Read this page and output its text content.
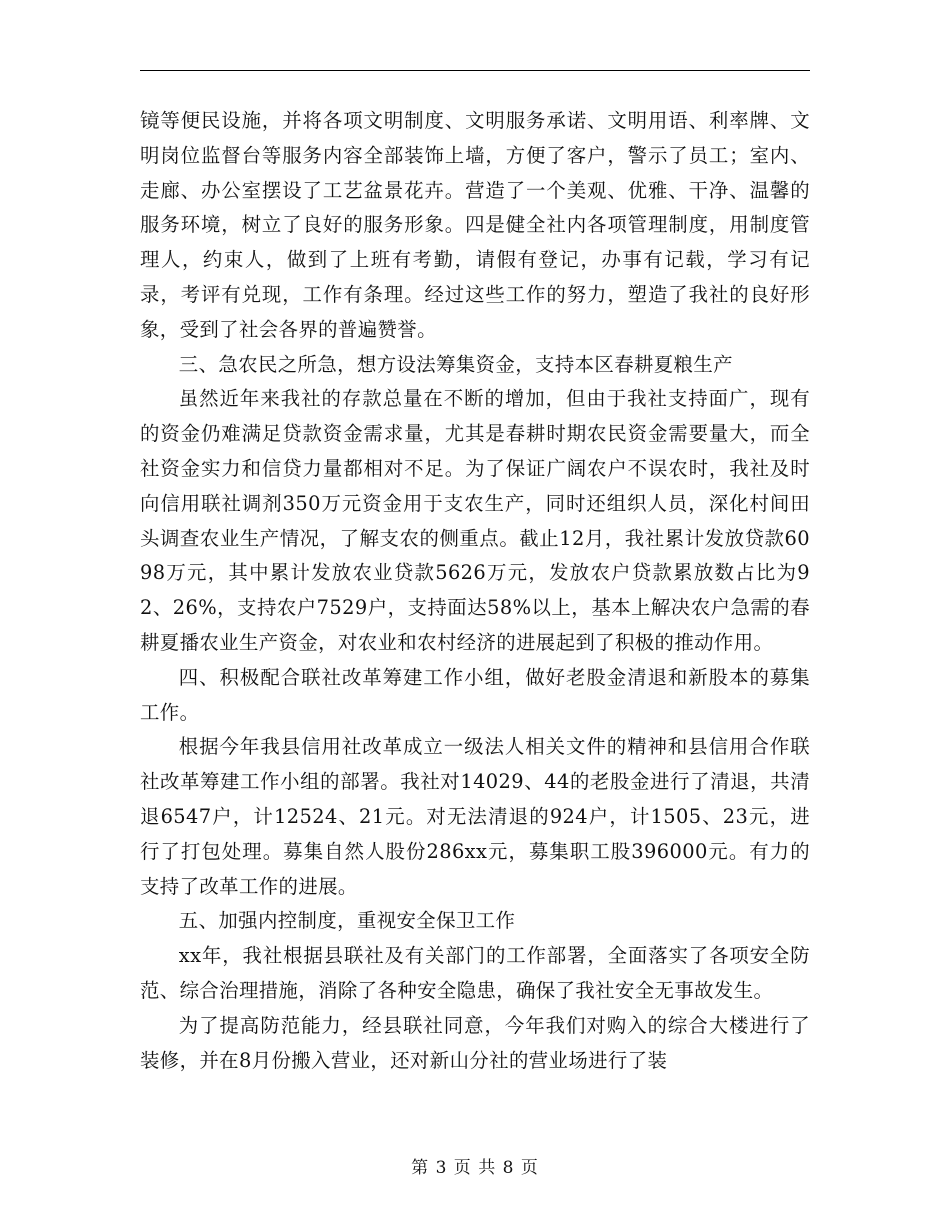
镜等便民设施，并将各项文明制度、文明服务承诺、文明用语、利率牌、文明岗位监督台等服务内容全部装饰上墙，方便了客户，警示了员工；室内、走廊、办公室摆设了工艺盆景花卉。营造了一个美观、优雅、干净、温馨的服务环境，树立了良好的服务形象。四是健全社内各项管理制度，用制度管理人，约束人，做到了上班有考勤，请假有登记，办事有记载，学习有记录，考评有兑现，工作有条理。经过这些工作的努力，塑造了我社的良好形象，受到了社会各界的普遍赞誉。

三、急农民之所急，想方设法筹集资金，支持本区春耕夏粮生产

虽然近年来我社的存款总量在不断的增加，但由于我社支持面广，现有的资金仍难满足贷款资金需求量，尤其是春耕时期农民资金需要量大，而全社资金实力和信贷力量都相对不足。为了保证广阔农户不误农时，我社及时向信用联社调剂350万元资金用于支农生产，同时还组织人员，深化村间田头调查农业生产情况，了解支农的侧重点。截止12月，我社累计发放贷款6098万元，其中累计发放农业贷款5626万元，发放农户贷款累放数占比为92、26%，支持农户7529户，支持面达58%以上，基本上解决农户急需的春耕夏播农业生产资金，对农业和农村经济的进展起到了积极的推动作用。

四、积极配合联社改革筹建工作小组，做好老股金清退和新股本的募集工作。

根据今年我县信用社改革成立一级法人相关文件的精神和县信用合作联社改革筹建工作小组的部署。我社对14029、44的老股金进行了清退，共清退6547户，计12524、21元。对无法清退的924户，计1505、23元，进行了打包处理。募集自然人股份286xx元，募集职工股396000元。有力的支持了改革工作的进展。

五、加强内控制度，重视安全保卫工作

xx年，我社根据县联社及有关部门的工作部署，全面落实了各项安全防范、综合治理措施，消除了各种安全隐患，确保了我社安全无事故发生。

为了提高防范能力，经县联社同意，今年我们对购入的综合大楼进行了装修，并在8月份搬入营业，还对新山分社的营业场进行了装

第 3 页 共 8 页
